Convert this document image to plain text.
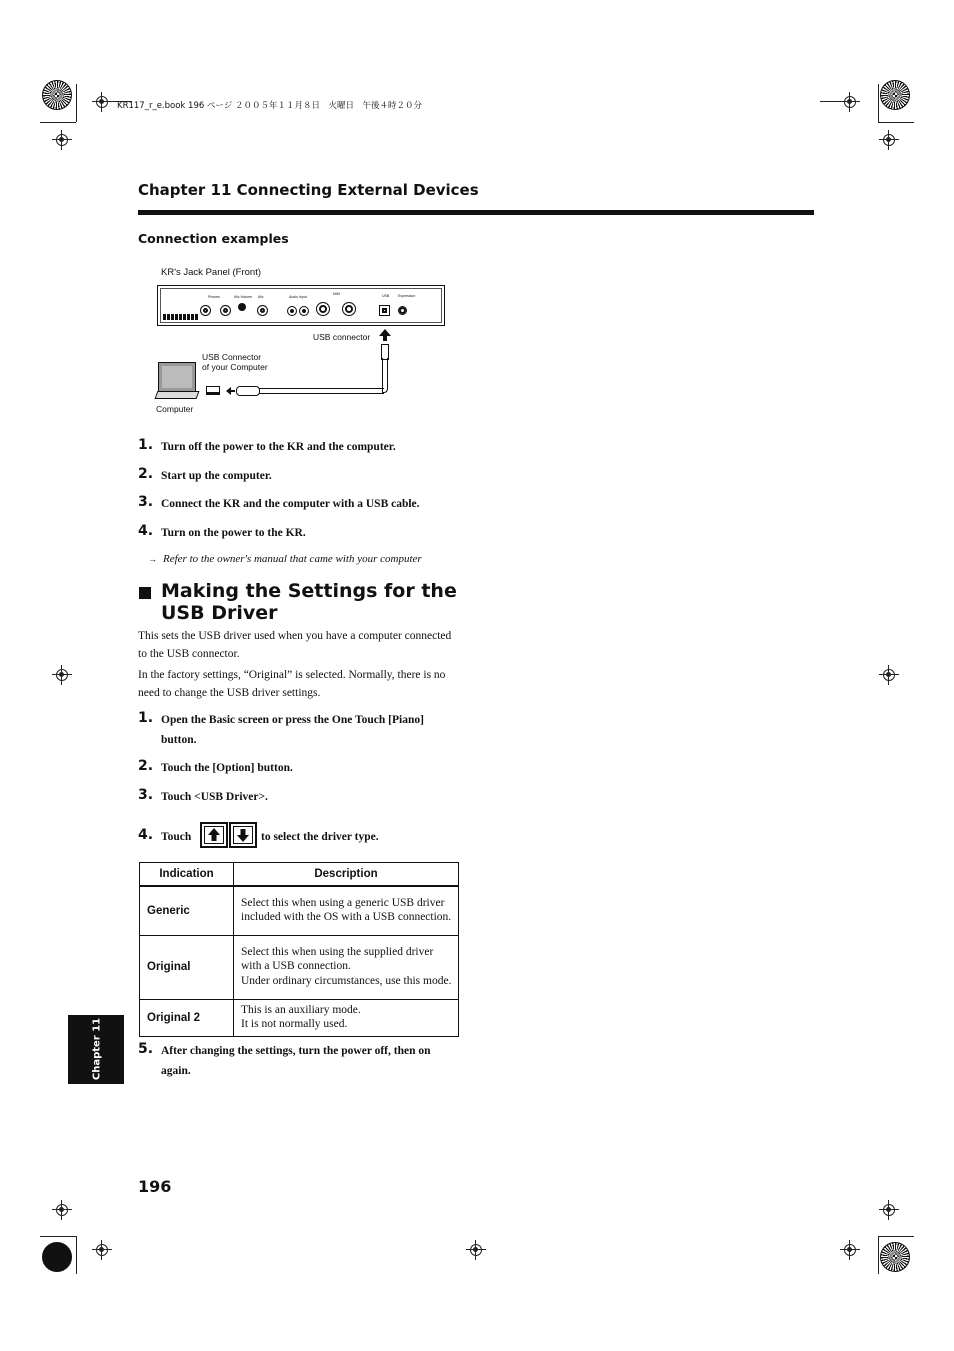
KR117_r_e.book 196 ページ ２００５年１１月８日　火曜日　午後４時２０分
Chapter 11 Connecting External Devices
Connection examples
KR's Jack Panel (Front)
Phones	Mic Volume Mic	Audio Input
MIDI	USB	Expression
USB connector
USB Connector
of your Computer
Computer
1. Turn off the power to the KR and the computer.
2. Start up the computer.
3. Connect the KR and the computer with a USB cable.
4. Turn on the power to the KR.
→ Refer to the owner's manual that came with your computer
Making the Settings for the
USB Driver
This sets the USB driver used when you have a computer connected to the USB connector.
In the factory settings, “Original” is selected. Normally, there is no need to change the USB driver settings.
1. Open the Basic screen or press the One Touch [Piano]
button.
2. Touch the [Option] button.
3. Touch <USB Driver>.
4. Touch	to select the driver type.
Indication	Description
Generic	Select this when using a generic USB driver included with the OS with a USB connection.
Original	Select this when using the supplied driver with a USB connection.
Under ordinary circumstances, use this mode.

Original 2	This is an auxiliary mode.
It is not normally used.
5. After changing the settings, turn the power off, then on
again.
Chapter 11
196
